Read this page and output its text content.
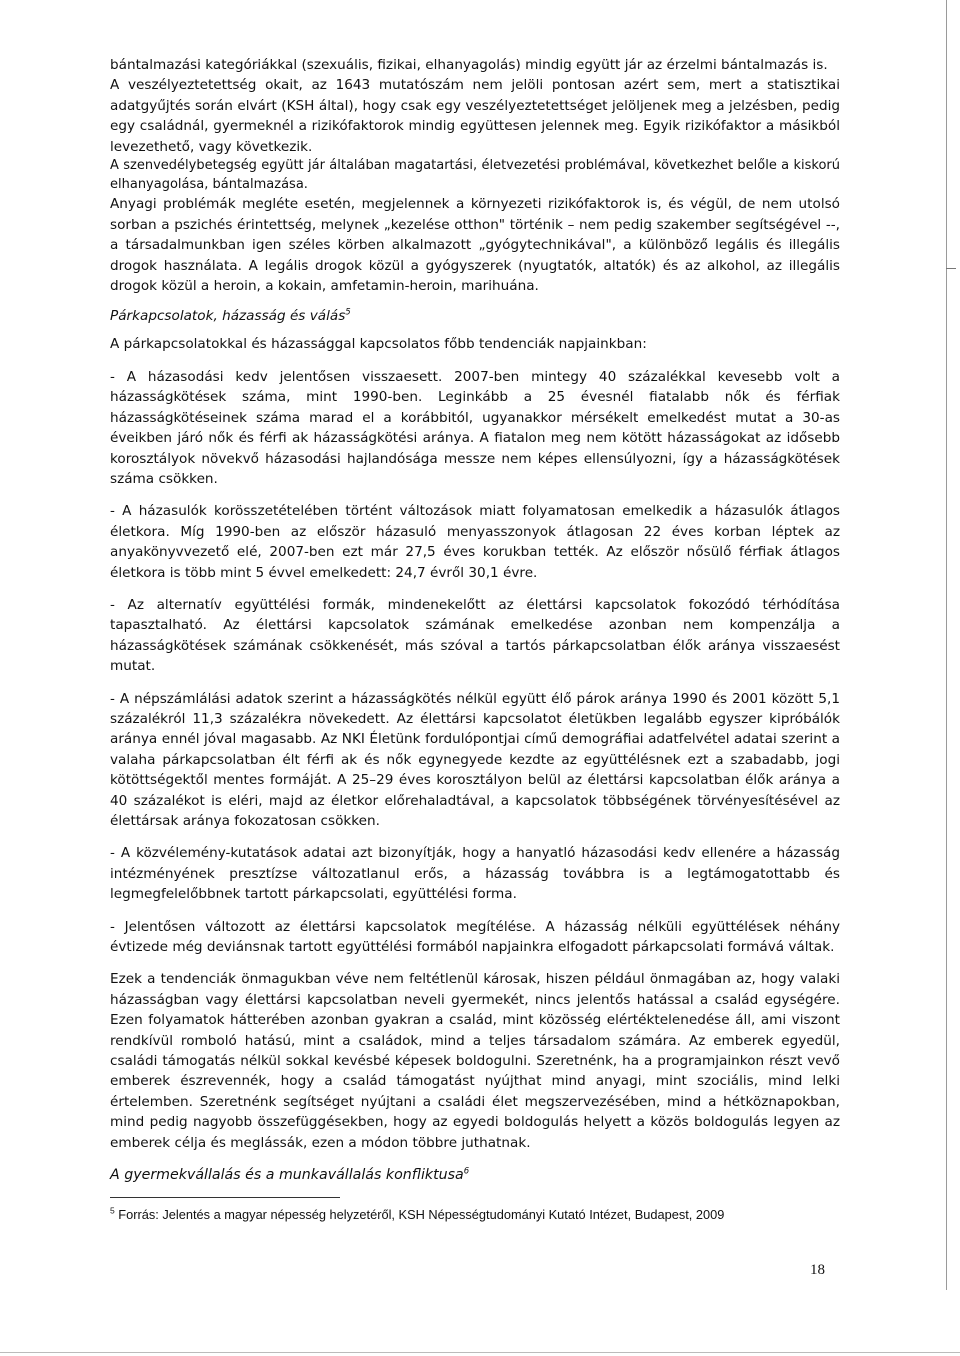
bántalmazási kategóriákkal (szexuális, fizikai, elhanyagolás) mindig együtt jár az érzelmi bántalmazás is.

A veszélyeztetettség okait, az 1643 mutatószám nem jelöli pontosan azért sem, mert a statisztikai adatgyűjtés során elvárt (KSH által), hogy csak egy veszélyeztetettséget jelöljenek meg a jelzésben, pedig egy családnál, gyermeknél a rizikófaktorok mindig együttesen jelennek meg. Egyik rizikófaktor a másikból levezethető, vagy következik.

A szenvedélybetegség együtt jár általában magatartási, életvezetési problémával, következhet belőle a kiskorú elhanyagolása, bántalmazása.

Anyagi problémák megléte esetén, megjelennek a környezeti rizikófaktorok is, és végül, de nem utolsó sorban a pszichés érintettség, melynek „kezelése otthon" történik – nem pedig szakember segítségével --, a társadalmunkban igen széles körben alkalmazott „gyógytechnikával", a különböző legális és illegális drogok használata. A legális drogok közül a gyógyszerek (nyugtatók, altatók) és az alkohol, az illegális drogok közül a heroin, a kokain, amfetamin-heroin, marihuána.

Párkapcsolatok, házasság és válás$^5$

A párkapcsolatokkal és házassággal kapcsolatos főbb tendenciák napjainkban:

- A házasodási kedv jelentősen visszaesett. 2007-ben mintegy 40 százalékkal kevesebb volt a házasságkötések száma, mint 1990-ben. Leginkább a 25 évesnél fiatalabb nők és férfiak házasságkötéseinek száma marad el a korábbitól, ugyanakkor mérsékelt emelkedést mutat a 30-as éveikben járó nők és férfi ak házasságkötési aránya. A fiatalon meg nem kötött házasságokat az idősebb korosztályok növekvő házasodási hajlandósága messze nem képes ellensúlyozni, így a házasságkötések száma csökken.

- A házasulók korösszetételében történt változások miatt folyamatosan emelkedik a házasulók átlagos életkora. Míg 1990-ben az először házasuló menyasszonyok átlagosan 22 éves korban léptek az anyakönyvvezető elé, 2007-ben ezt már 27,5 éves korukban tették. Az először nősülő férfiak átlagos életkora is több mint 5 évvel emelkedett: 24,7 évről 30,1 évre.

- Az alternatív együttélési formák, mindenekelőtt az élettársi kapcsolatok fokozódó térhódítása tapasztalható. Az élettársi kapcsolatok számának emelkedése azonban nem kompenzálja a házasságkötések számának csökkenését, más szóval a tartós párkapcsolatban élők aránya visszaesést mutat.

- A népszámlálási adatok szerint a házasságkötés nélkül együtt élő párok aránya 1990 és 2001 között 5,1 százalékról 11,3 százalékra növekedett. Az élettársi kapcsolatot életükben legalább egyszer kipróbálók aránya ennél jóval magasabb. Az NKI Életünk fordulópontjai című demográfiai adatfelvétel adatai szerint a valaha párkapcsolatban élt férfi ak és nők egynegyede kezdte az együttélésnek ezt a szabadabb, jogi kötöttségektől mentes formáját. A 25–29 éves korosztályon belül az élettársi kapcsolatban élők aránya a 40 százalékot is eléri, majd az életkor előrehaladtával, a kapcsolatok többségének törvényesítésével az élettársak aránya fokozatosan csökken.

- A közvélemény-kutatások adatai azt bizonyítják, hogy a hanyatló házasodási kedv ellenére a házasság intézményének presztízse változatlanul erős, a házasság továbbra is a legtámogatottabb és legmegfelelőbbnek tartott párkapcsolati, együttélési forma.

- Jelentősen változott az élettársi kapcsolatok megítélése. A házasság nélküli együttélések néhány évtizede még deviánsnak tartott együttélési formából napjainkra elfogadott párkapcsolati formává váltak.

Ezek a tendenciák önmagukban véve nem feltétlenül károsak, hiszen például önmagában az, hogy valaki házasságban vagy élettársi kapcsolatban neveli gyermekét, nincs jelentős hatással a család egységére. Ezen folyamatok hátterében azonban gyakran a család, mint közösség elértéktelenedése áll, ami viszont rendkívül romboló hatású, mint a családok, mind a teljes társadalom számára. Az emberek egyedül, családi támogatás nélkül sokkal kevésbé képesek boldogulni. Szeretnénk, ha a programjainkon részt vevő emberek észrevennék, hogy a család támogatást nyújthat mind anyagi, mint szociális, mind lelki értelemben. Szeretnénk segítséget nyújtani a családi élet megszervezésében, mind a hétköznapokban, mind pedig nagyobb összefüggésekben, hogy az egyedi boldogulás helyett a közös boldogulás legyen az emberek célja és meglássák, ezen a módon többre juthatnak.

A gyermekvállalás és a munkavállalás konfliktusa$^6$

$^5$ Forrás: Jelentés a magyar népesség helyzetéről, KSH Népességtudományi Kutató Intézet, Budapest, 2009

18
